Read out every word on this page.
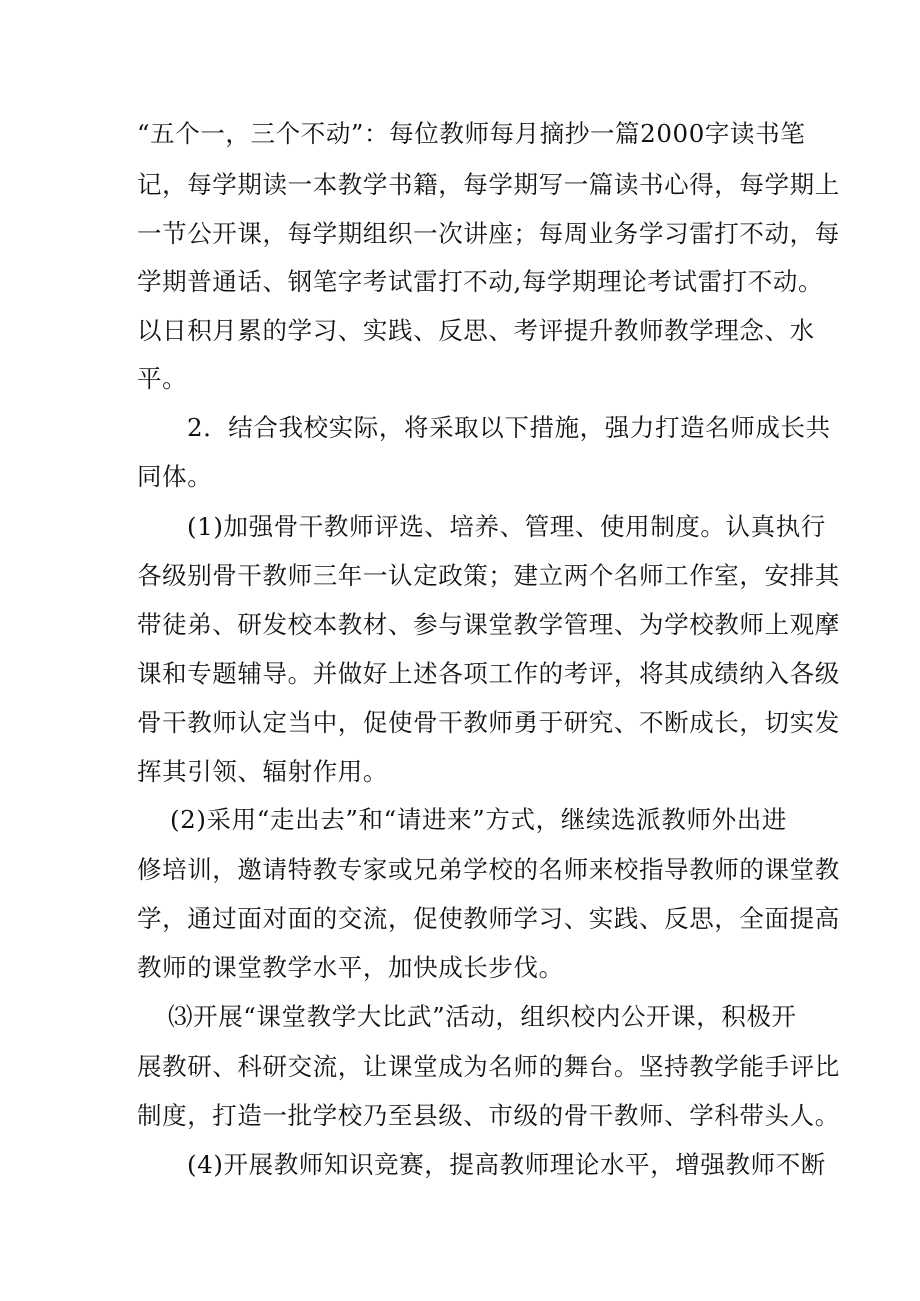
“五个一，三个不动”：每位教师每月摘抄一篇2000字读书笔
记，每学期读一本教学书籍，每学期写一篇读书心得，每学期上
一节公开课，每学期组织一次讲座；每周业务学习雷打不动，每
学期普通话、钢笔字考试雷打不动,每学期理论考试雷打不动。
以日积月累的学习、实践、反思、考评提升教师教学理念、水
平。
2．结合我校实际，将采取以下措施，强力打造名师成长共
同体。
(1)加强骨干教师评选、培养、管理、使用制度。认真执行
各级别骨干教师三年一认定政策；建立两个名师工作室，安排其
带徒弟、研发校本教材、参与课堂教学管理、为学校教师上观摩
课和专题辅导。并做好上述各项工作的考评，将其成绩纳入各级
骨干教师认定当中，促使骨干教师勇于研究、不断成长，切实发
挥其引领、辐射作用。
(2)采用“走出去”和“请进来”方式，继续选派教师外出进
修培训，邀请特教专家或兄弟学校的名师来校指导教师的课堂教
学，通过面对面的交流，促使教师学习、实践、反思，全面提高
教师的课堂教学水平，加快成长步伐。
⑶开展“课堂教学大比武”活动，组织校内公开课，积极开
展教研、科研交流，让课堂成为名师的舞台。坚持教学能手评比
制度，打造一批学校乃至县级、市级的骨干教师、学科带头人。
(4)开展教师知识竞赛，提高教师理论水平，增强教师不断
